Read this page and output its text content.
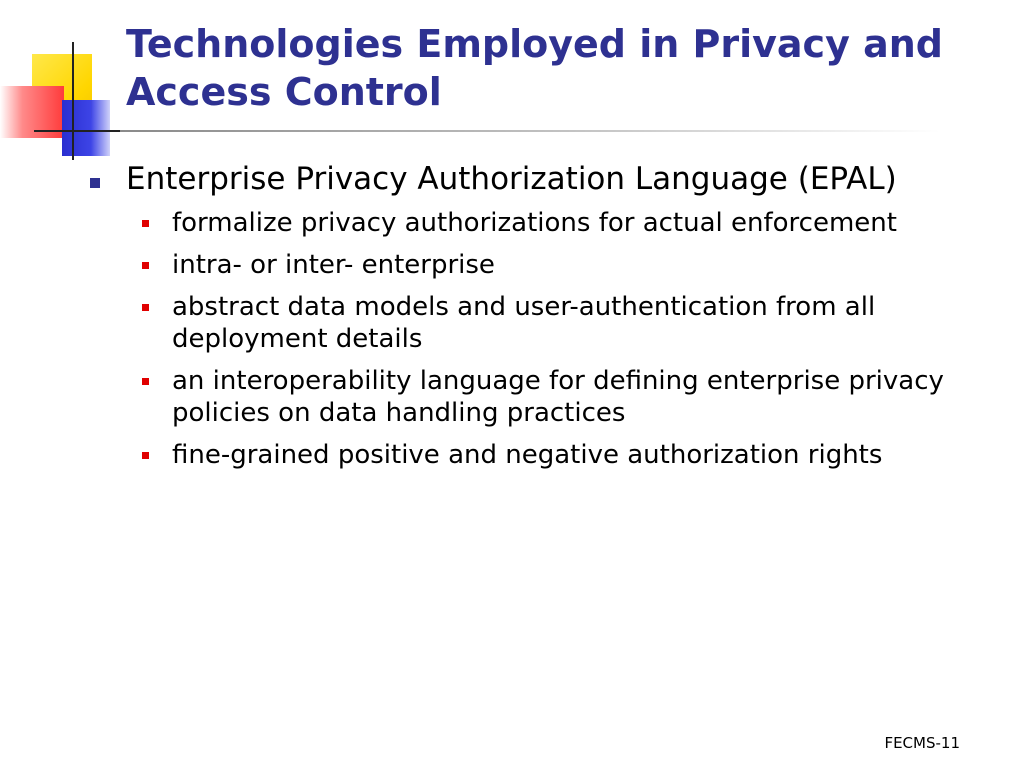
Technologies Employed in Privacy and Access Control
Enterprise Privacy Authorization Language (EPAL)
formalize privacy authorizations for actual enforcement
intra- or inter- enterprise
abstract data models and user-authentication from all deployment details
an interoperability language for defining enterprise privacy policies on data handling practices
fine-grained positive and negative authorization rights
FECMS-11
